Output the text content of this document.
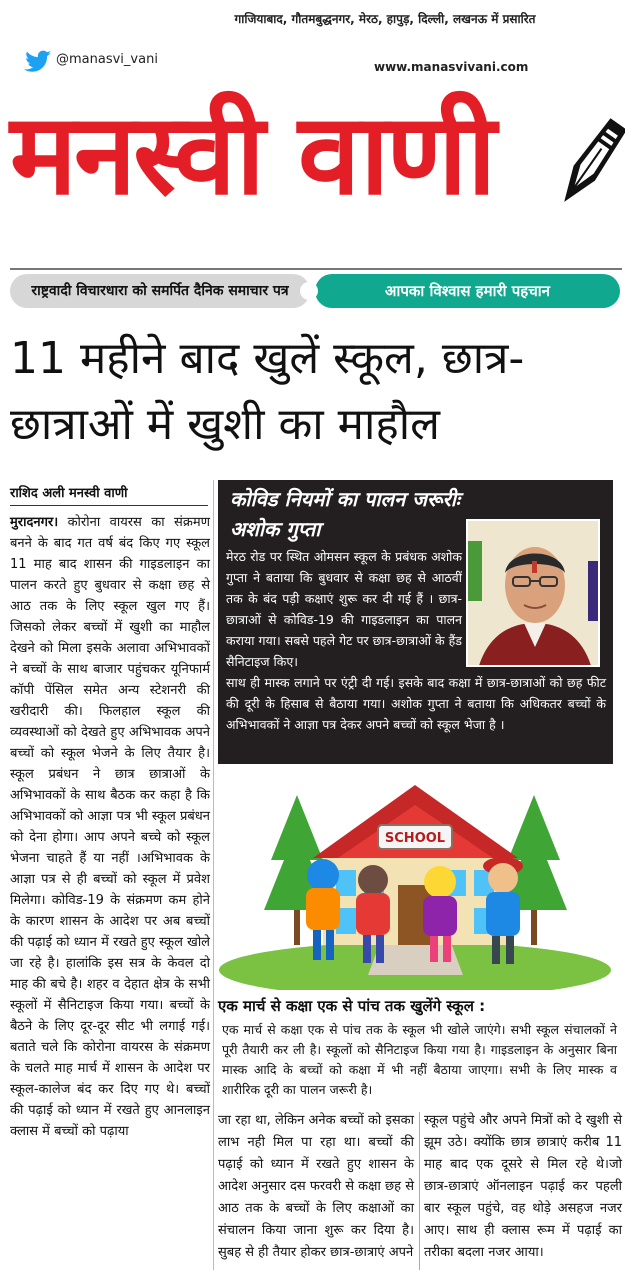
गाजियाबाद, गौतमबुद्धनगर, मेरठ, हापुड़, दिल्ली, लखनऊ में प्रसारित
@manasvi_vani	www.manasvivani.com
मनस्वी वाणी
राष्ट्रवादी विचारधारा को समर्पित दैनिक समाचार पत्र	आपका विश्वास हमारी पहचान
11 महीने बाद खुलें स्कूल, छात्र-
छात्राओं में खुशी का माहौल
राशिद अली मनस्वी वाणी
मुरादनगर। कोरोना वायरस का संक्रमण बनने के बाद गत वर्ष बंद किए गए स्कूल 11 माह बाद शासन की गाइडलाइन का पालन करते हुए बुधवार से कक्षा छह से आठ तक के लिए स्कूल खुल गए हैं। जिसको लेकर बच्चों में खुशी का माहौल देखने को मिला इसके अलावा अभिभावकों ने बच्चों के साथ बाजार पहुंचकर यूनिफार्म कॉपी पेंसिल समेत अन्य स्टेशनरी की खरीदारी की। फिलहाल स्कूल की व्यवस्थाओं को देखते हुए अभिभावक अपने बच्चों को स्कूल भेजने के लिए तैयार है। स्कूल प्रबंधन ने छात्र छात्राओं के अभिभावकों के साथ बैठक कर कहा है कि अभिभावकों को आज्ञा पत्र भी स्कूल प्रबंधन को देना होगा। आप अपने बच्चे को स्कूल भेजना चाहते हैं या नहीं ।अभिभावक के आज्ञा पत्र से ही बच्चों को स्कूल में प्रवेश मिलेगा। कोविड-19 के संक्रमण कम होने के कारण शासन के आदेश पर अब बच्चों की पढ़ाई को ध्यान में रखते हुए स्कूल खोले जा रहे है। हालांकि इस सत्र के केवल दो माह की बचे है। शहर व देहात क्षेत्र के सभी स्कूलों में सैनिटाइज किया गया। बच्चों के बैठने के लिए दूर-दूर सीट भी लगाई गई। बताते चले कि कोरोना वायरस के संक्रमण के चलते माह मार्च में शासन के आदेश पर स्कूल-कालेज बंद कर दिए गए थे। बच्चों की पढ़ाई को ध्यान में रखते हुए आनलाइन क्लास में बच्चों को पढ़ाया
कोविड नियमों का पालन जरूरीः
अशोक गुप्ता
मेरठ रोड पर स्थित ओमसन स्कूल के प्रबंधक अशोक गुप्ता ने बताया कि बुधवार से कक्षा छह से आठवीं तक के बंद पड़ी कक्षाएं शुरू कर दी गई हैं । छात्र-छात्राओं से कोविड-19 की गाइडलाइन का पालन कराया गया। सबसे पहले गेट पर छात्र-छात्राओं के हैंड सैनिटाइज किए।
साथ ही मास्क लगाने पर एंट्री दी गई। इसके बाद कक्षा में छात्र-छात्राओं को छह फीट की दूरी के हिसाब से बैठाया गया। अशोक गुप्ता ने बताया कि अधिकतर बच्चों के अभिभावकों ने आज्ञा पत्र देकर अपने बच्चों को स्कूल भेजा है ।
SCHOOL
एक मार्च से कक्षा एक से पांच तक खुलेंगे स्कूल :
एक मार्च से कक्षा एक से पांच तक के स्कूल भी खोले जाएंगे। सभी स्कूल संचालकों ने पूरी तैयारी कर ली है। स्कूलों को सैनिटाइज किया गया है। गाइडलाइन के अनुसार बिना मास्क आदि के बच्चों को कक्षा में भी नहीं बैठाया जाएगा। सभी के लिए मास्क व शारीरिक दूरी का पालन जरूरी है।
जा रहा था, लेकिन अनेक बच्चों को इसका लाभ नही मिल पा रहा था। बच्चों की पढ़ाई को ध्यान में रखते हुए शासन के आदेश अनुसार दस फरवरी से कक्षा छह से आठ तक के बच्चों के लिए कक्षाओं का संचालन किया जाना शुरू कर दिया है। सुबह से ही तैयार होकर छात्र-छात्राएं अपने
स्कूल पहुंचे और अपने मित्रों को दे खुशी से झूम उठे। क्योंकि छात्र छात्राएं करीब 11 माह बाद एक दूसरे से मिल रहे थे।जो छात्र-छात्राएं ऑनलाइन पढ़ाई कर पहली बार स्कूल पहुंचे, वह थोड़े असहज नजर आए। साथ ही क्लास रूम में पढ़ाई का तरीका बदला नजर आया।
